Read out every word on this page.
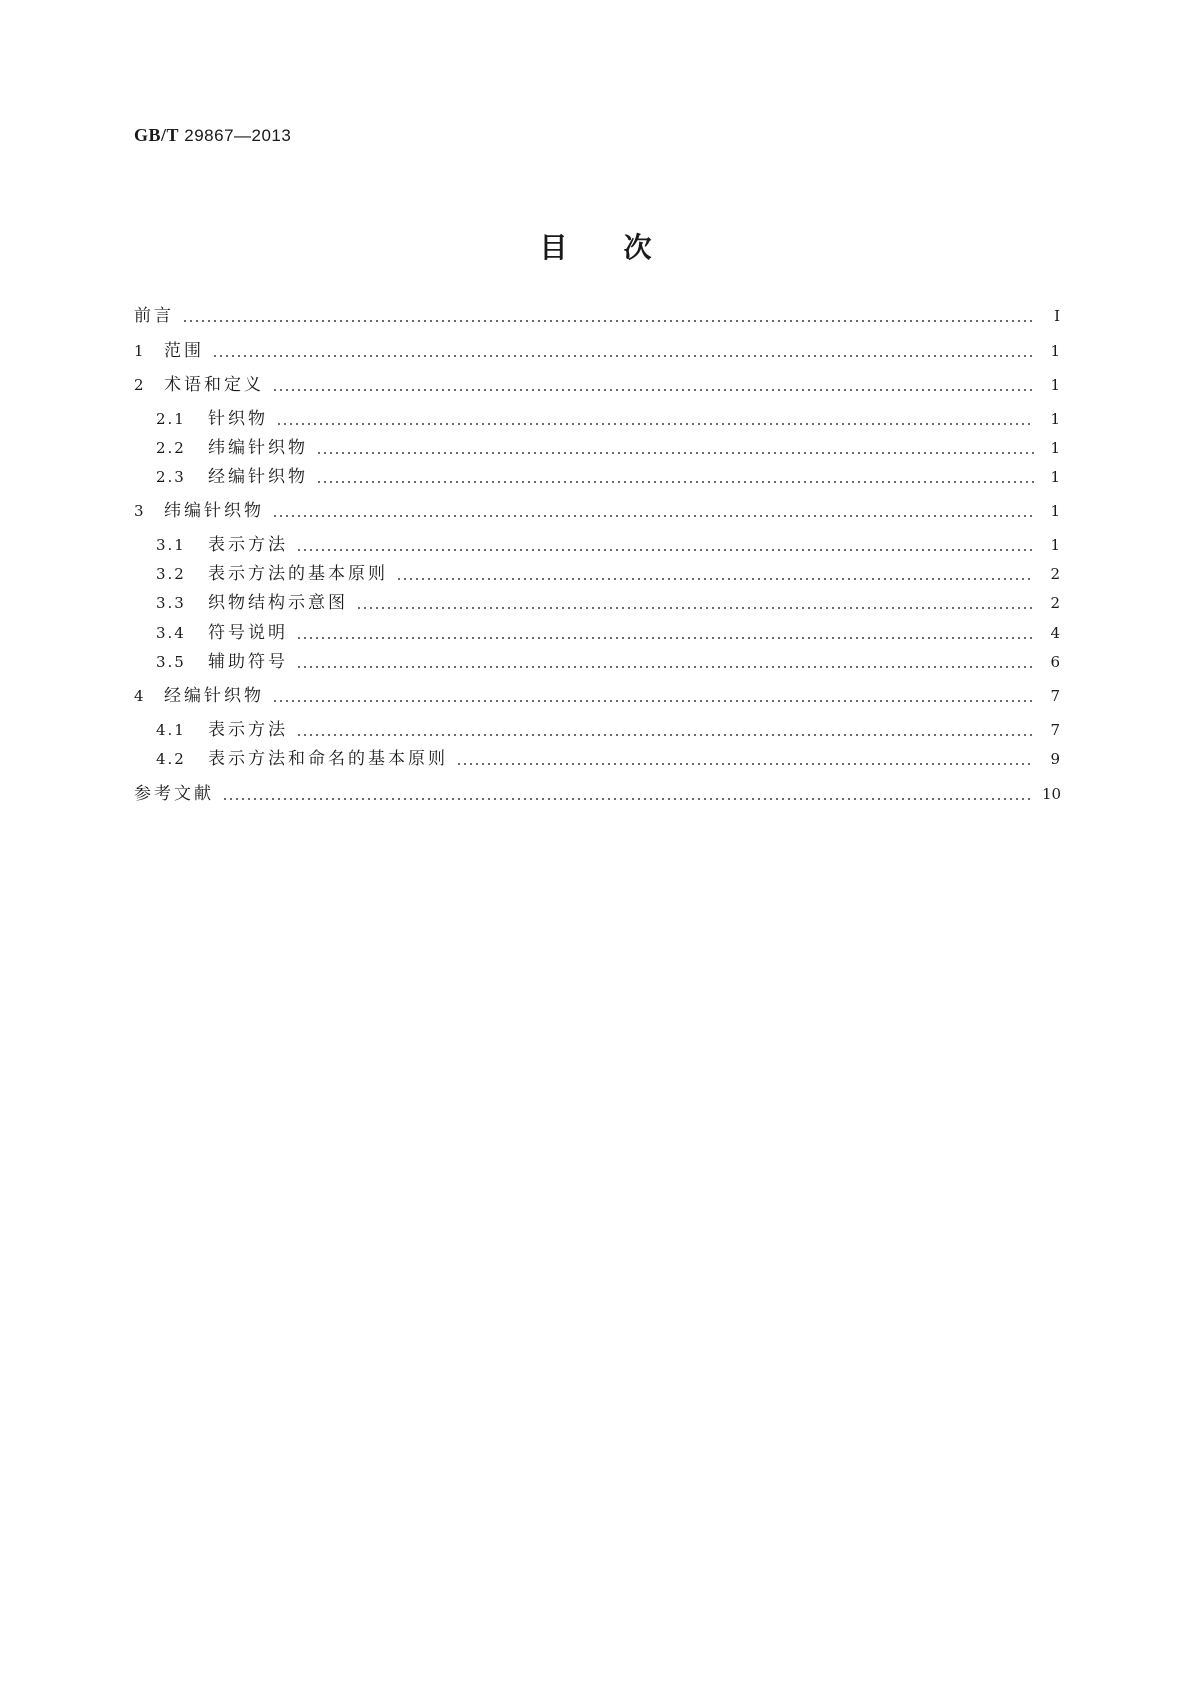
GB/T 29867—2013
目次
前言	Ⅰ
1	范围	1
2	术语和定义	1
2.1	针织物	1
2.2	纬编针织物	1
2.3	经编针织物	1
3	纬编针织物	1
3.1	表示方法	1
3.2	表示方法的基本原则	2
3.3	织物结构示意图	2
3.4	符号说明	4
3.5	辅助符号	6
4	经编针织物	7
4.1	表示方法	7
4.2	表示方法和命名的基本原则	9
参考文献	10
